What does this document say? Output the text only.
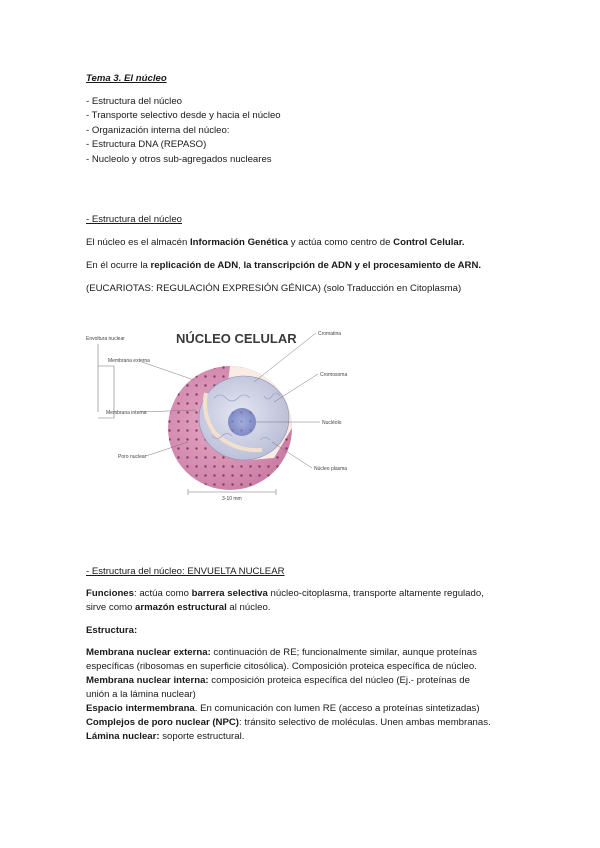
Tema 3. El núcleo
- Estructura del núcleo
- Transporte selectivo desde y hacia el núcleo
- Organización interna del núcleo:
- Estructura DNA (REPASO)
- Nucleolo y otros sub-agregados nucleares
- Estructura del núcleo
El núcleo es el almacén Información Genética y actúa como centro de Control Celular.
En él ocurre la replicación de ADN, la transcripción de ADN y el procesamiento de ARN.
(EUCARIOTAS: REGULACIÓN EXPRESIÓN GÉNICA) (solo Traducción en Citoplasma)
NÚCLEO CELULAR
Envoltura nuclear
Membrana externa
Membrana interna
Poro nuclear
Cromatina
Cromosoma
Nucléolo
Núcleo plasma
3-10 mm
- Estructura del núcleo: ENVUELTA NUCLEAR
Funciones: actúa como barrera selectiva núcleo-citoplasma, transporte altamente regulado,
sirve como armazón estructural al núcleo.
Estructura:
Membrana nuclear externa: continuación de RE; funcionalmente similar, aunque proteínas
específicas (ribosomas en superficie citosólica). Composición proteica específica de núcleo.
Membrana nuclear interna: composición proteica específica del núcleo (Ej.- proteínas de
unión a la lámina nuclear)
Espacio intermembrana. En comunicación con lumen RE (acceso a proteínas sintetizadas)
Complejos de poro nuclear (NPC): tránsito selectivo de moléculas. Unen ambas membranas.
Lámina nuclear: soporte estructural.
